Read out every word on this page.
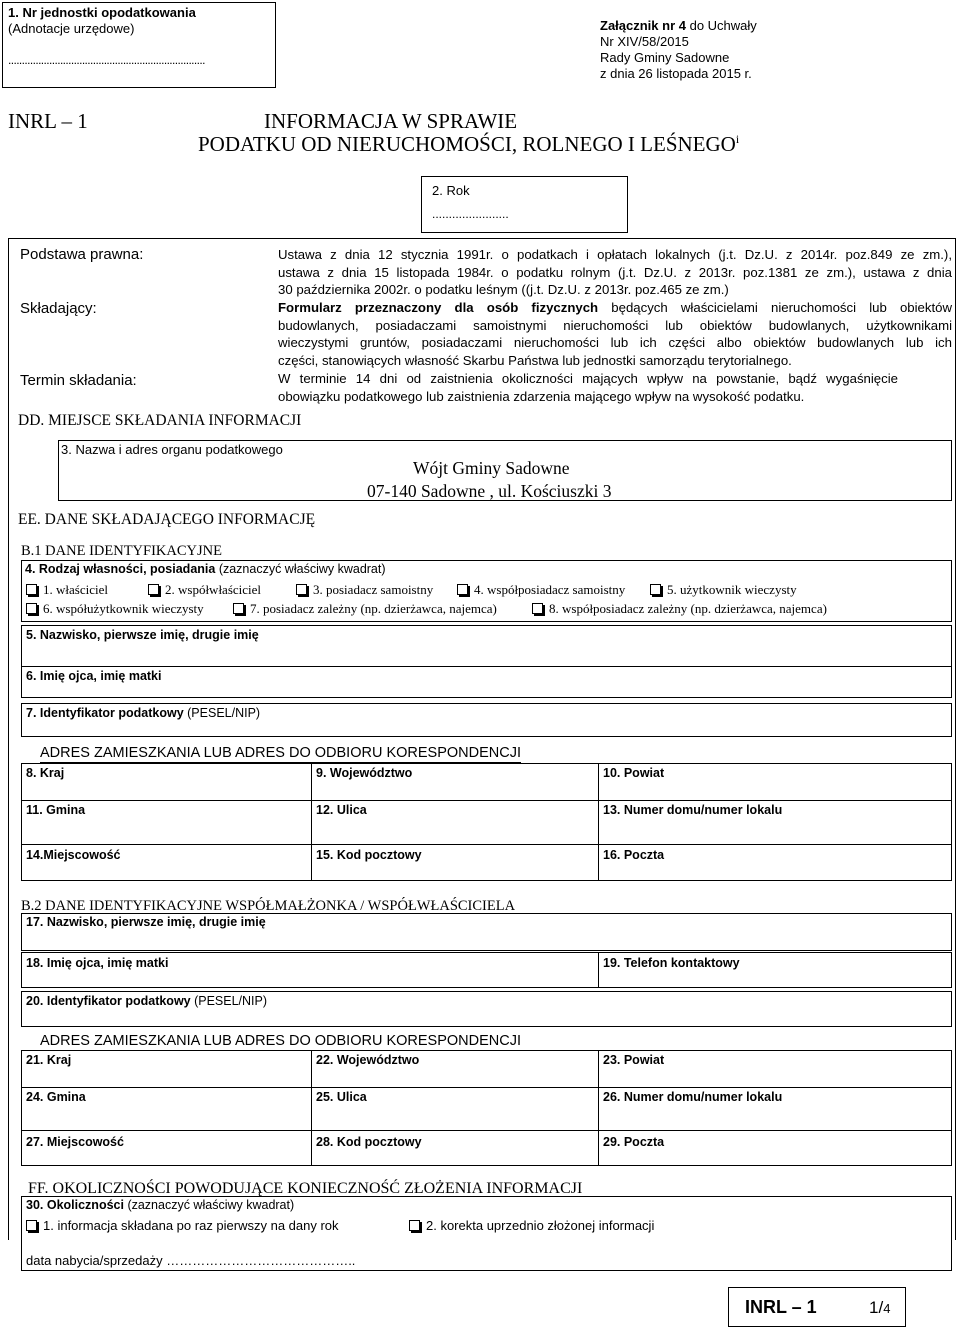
1. Nr jednostki opodatkowania
(Adnotacje urzędowe)
........................................................................
Załącznik nr 4 do Uchwały
Nr XIV/58/2015
Rady Gminy Sadowne
z dnia 26 listopada 2015 r.
INRL – 1	INFORMACJA W SPRAWIE
PODATKU OD NIERUCHOMOŚCI, ROLNEGO I LEŚNEGO$^i$
2. Rok
.......................
Podstawa prawna:	Ustawa z dnia 12 stycznia 1991r. o podatkach i opłatach lokalnych (j.t. Dz.U. z 2014r. poz.849 ze zm.),
ustawa z dnia 15 listopada 1984r. o podatku rolnym (j.t. Dz.U. z 2013r. poz.1381 ze zm.), ustawa z dnia
30 października 2002r. o podatku leśnym ((j.t. Dz.U. z 2013r. poz.465 ze zm.)
Składający:	Formularz przeznaczony dla osób fizycznych będących właścicielami nieruchomości lub obiektów
budowlanych, posiadaczami samoistnymi nieruchomości lub obiektów budowlanych, użytkownikami
wieczystymi gruntów, posiadaczami nieruchomości lub ich części albo obiektów budowlanych lub ich
części, stanowiących własność Skarbu Państwa lub jednostki samorządu terytorialnego.
Termin składania:	W terminie 14 dni od zaistnienia okoliczności mających wpływ na powstanie, bądź wygaśnięcie
obowiązku podatkowego lub zaistnienia zdarzenia mającego wpływ na wysokość podatku.
DD. MIEJSCE SKŁADANIA INFORMACJI
3. Nazwa i adres organu podatkowego
Wójt Gminy Sadowne
07-140 Sadowne , ul. Kościuszki 3
EE. DANE SKŁADAJĄCEGO INFORMACJĘ
B.1 DANE IDENTYFIKACYJNE
4. Rodzaj własności, posiadania (zaznaczyć właściwy kwadrat)
1. właściciel	2. współwłaściciel	3. posiadacz samoistny	4. współposiadacz samoistny	5. użytkownik wieczysty
6. współużytkownik wieczysty	7. posiadacz zależny (np. dzierżawca, najemca)	8. współposiadacz zależny (np. dzierżawca, najemca)
5. Nazwisko, pierwsze imię, drugie imię
6. Imię ojca, imię matki
7. Identyfikator podatkowy (PESEL/NIP)
ADRES ZAMIESZKANIA LUB ADRES DO ODBIORU KORESPONDENCJI
8. Kraj	9. Województwo	10. Powiat
11. Gmina	12. Ulica	13. Numer domu/numer lokalu
14.Miejscowość	15. Kod pocztowy	16. Poczta
B.2 DANE IDENTYFIKACYJNE WSPÓŁMAŁŻONKA / WSPÓŁWŁAŚCICIELA
17. Nazwisko, pierwsze imię, drugie imię
18. Imię ojca, imię matki	19. Telefon kontaktowy
20. Identyfikator podatkowy (PESEL/NIP)
ADRES ZAMIESZKANIA LUB ADRES DO ODBIORU KORESPONDENCJI
21. Kraj	22. Województwo	23. Powiat
24. Gmina	25. Ulica	26. Numer domu/numer lokalu
27. Miejscowość	28. Kod pocztowy	29. Poczta
FF. OKOLICZNOŚCI POWODUJĄCE KONIECZNOŚĆ ZŁOŻENIA INFORMACJI
30. Okoliczności (zaznaczyć właściwy kwadrat)
1. informacja składana po raz pierwszy na dany rok	2. korekta uprzednio złożonej informacji
data nabycia/sprzedaży ……………………………………..
INRL – 1	1/4
